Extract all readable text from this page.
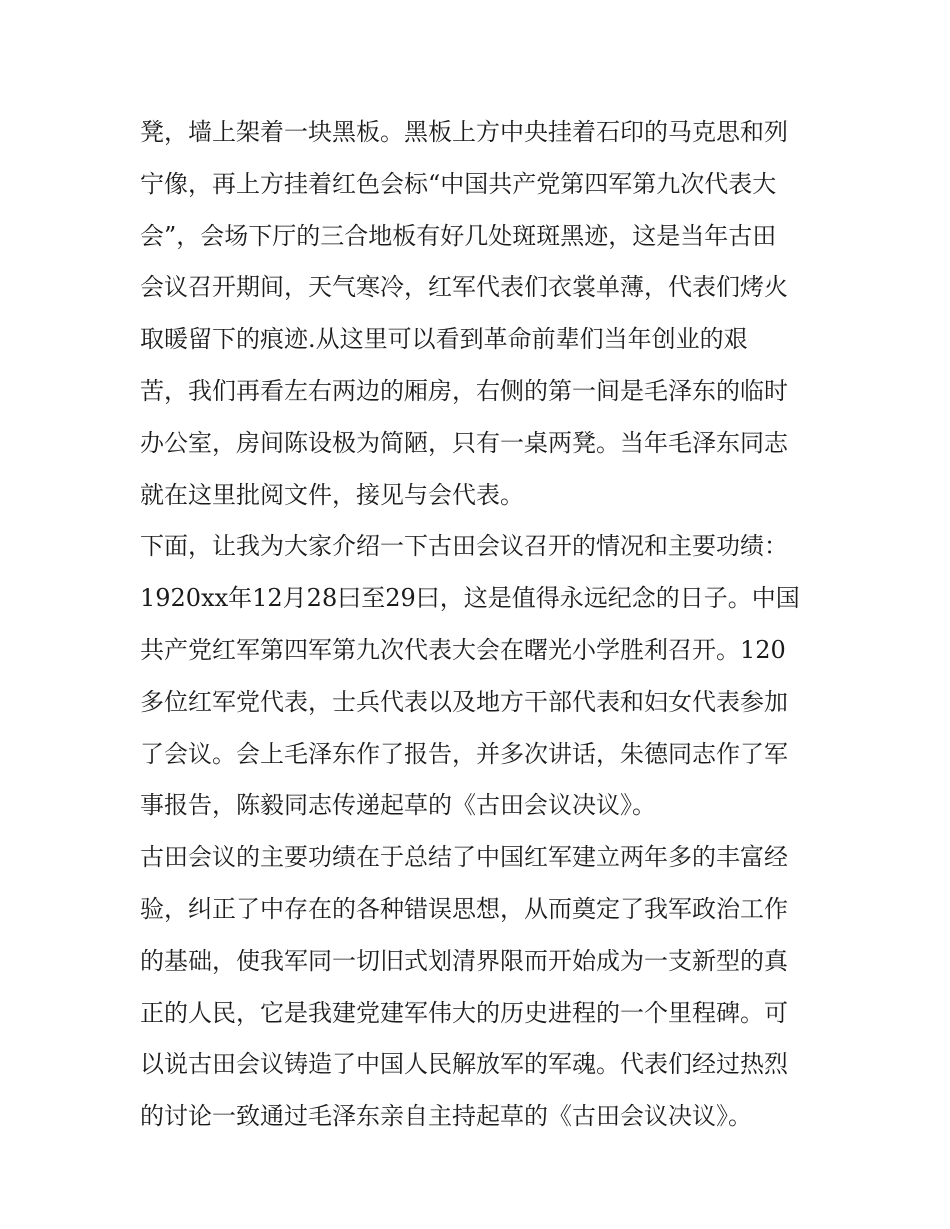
凳，墙上架着一块黑板。黑板上方中央挂着石印的马克思和列
宁像，再上方挂着红色会标“中国共产党第四军第九次代表大
会”，会场下厅的三合地板有好几处斑斑黑迹，这是当年古田
会议召开期间，天气寒冷，红军代表们衣裳单薄，代表们烤火
取暖留下的痕迹.从这里可以看到革命前辈们当年创业的艰
苦，我们再看左右两边的厢房，右侧的第一间是毛泽东的临时
办公室，房间陈设极为简陋，只有一桌两凳。当年毛泽东同志
就在这里批阅文件，接见与会代表。
下面，让我为大家介绍一下古田会议召开的情况和主要功绩：
1920xx年12月28曰至29曰，这是值得永远纪念的日子。中国
共产党红军第四军第九次代表大会在曙光小学胜利召开。120
多位红军党代表，士兵代表以及地方干部代表和妇女代表参加
了会议。会上毛泽东作了报告，并多次讲话，朱德同志作了军
事报告，陈毅同志传递起草的《古田会议决议》。
古田会议的主要功绩在于总结了中国红军建立两年多的丰富经
验，纠正了中存在的各种错误思想，从而奠定了我军政治工作
的基础，使我军同一切旧式划清界限而开始成为一支新型的真
正的人民，它是我建党建军伟大的历史进程的一个里程碑。可
以说古田会议铸造了中国人民解放军的军魂。代表们经过热烈
的讨论一致通过毛泽东亲自主持起草的《古田会议决议》。
